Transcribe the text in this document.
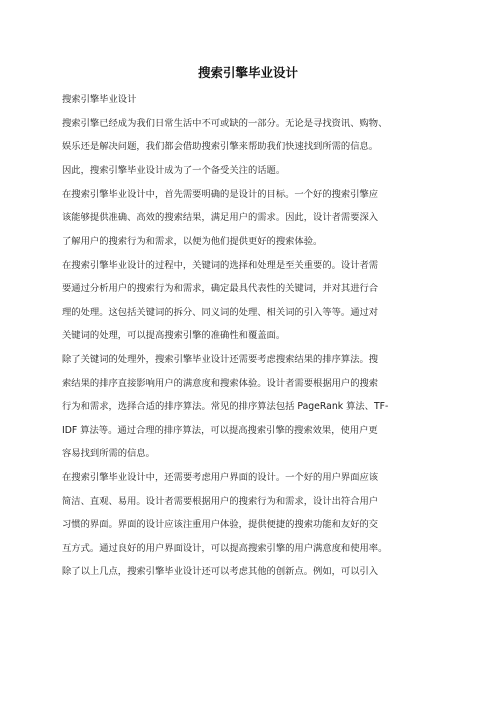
搜索引擎毕业设计
搜索引擎毕业设计
搜索引擎已经成为我们日常生活中不可或缺的一部分。无论是寻找资讯、购物、
娱乐还是解决问题，我们都会借助搜索引擎来帮助我们快速找到所需的信息。
因此，搜索引擎毕业设计成为了一个备受关注的话题。
在搜索引擎毕业设计中，首先需要明确的是设计的目标。一个好的搜索引擎应
该能够提供准确、高效的搜索结果，满足用户的需求。因此，设计者需要深入
了解用户的搜索行为和需求，以便为他们提供更好的搜索体验。
在搜索引擎毕业设计的过程中，关键词的选择和处理是至关重要的。设计者需
要通过分析用户的搜索行为和需求，确定最具代表性的关键词，并对其进行合
理的处理。这包括关键词的拆分、同义词的处理、相关词的引入等等。通过对
关键词的处理，可以提高搜索引擎的准确性和覆盖面。
除了关键词的处理外，搜索引擎毕业设计还需要考虑搜索结果的排序算法。搜
索结果的排序直接影响用户的满意度和搜索体验。设计者需要根据用户的搜索
行为和需求，选择合适的排序算法。常见的排序算法包括 PageRank 算法、TF-
IDF 算法等。通过合理的排序算法，可以提高搜索引擎的搜索效果，使用户更
容易找到所需的信息。
在搜索引擎毕业设计中，还需要考虑用户界面的设计。一个好的用户界面应该
简洁、直观、易用。设计者需要根据用户的搜索行为和需求，设计出符合用户
习惯的界面。界面的设计应该注重用户体验，提供便捷的搜索功能和友好的交
互方式。通过良好的用户界面设计，可以提高搜索引擎的用户满意度和使用率。
除了以上几点，搜索引擎毕业设计还可以考虑其他的创新点。例如，可以引入
